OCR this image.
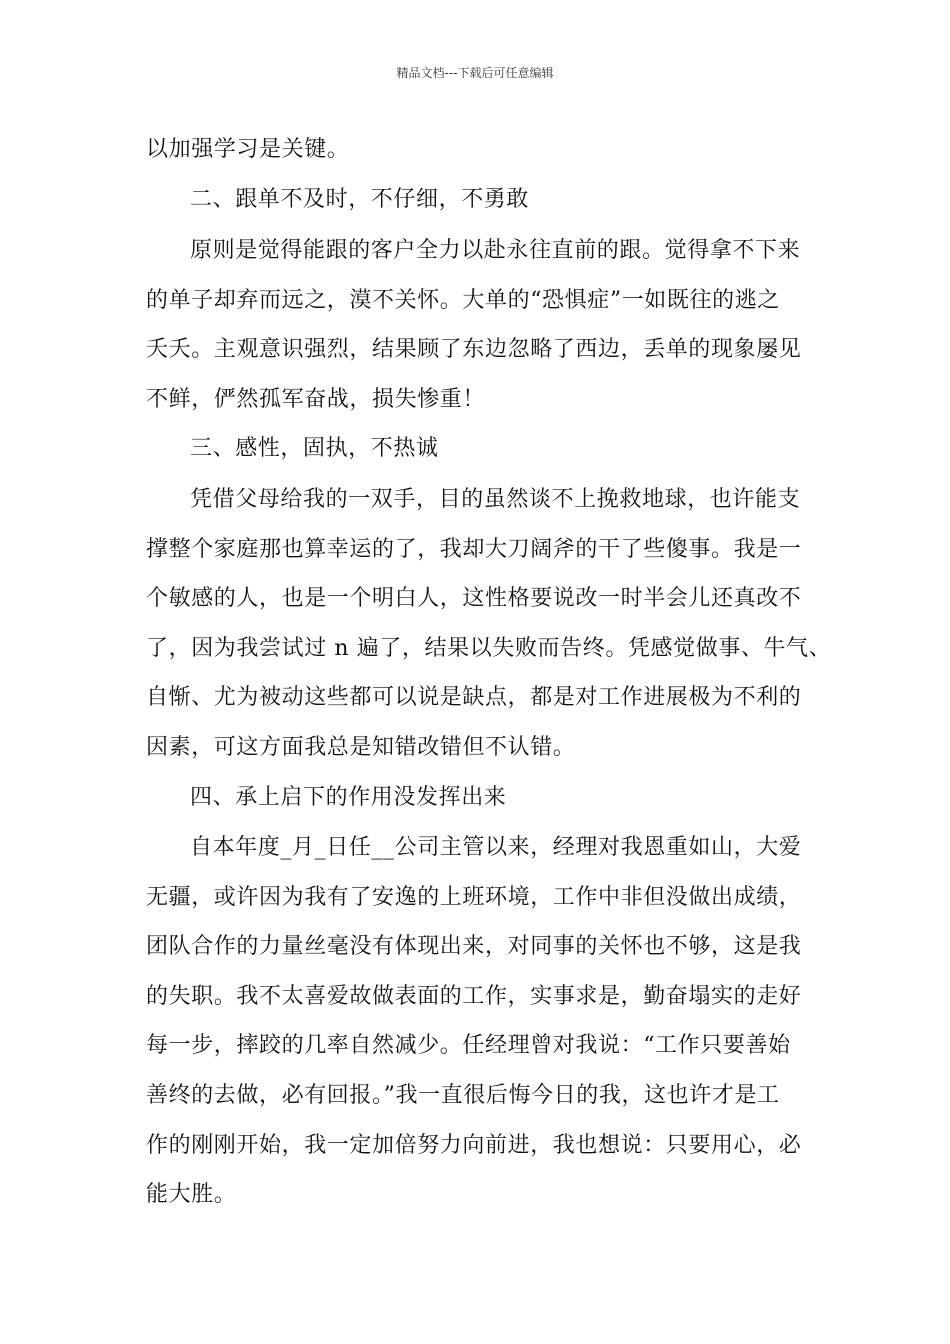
精品文档---下载后可任意编辑
以加强学习是关键。
二、跟单不及时，不仔细，不勇敢
原则是觉得能跟的客户全力以赴永往直前的跟。觉得拿不下来
的单子却弃而远之，漠不关怀。大单的“恐惧症”一如既往的逃之
夭夭。主观意识强烈，结果顾了东边忽略了西边，丢单的现象屡见
不鲜，俨然孤军奋战，损失惨重！
三、感性，固执，不热诚
凭借父母给我的一双手，目的虽然谈不上挽救地球，也许能支
撑整个家庭那也算幸运的了，我却大刀阔斧的干了些傻事。我是一
个敏感的人，也是一个明白人，这性格要说改一时半会儿还真改不
了，因为我尝试过 n 遍了，结果以失败而告终。凭感觉做事、牛气、
自惭、尤为被动这些都可以说是缺点，都是对工作进展极为不利的
因素，可这方面我总是知错改错但不认错。
四、承上启下的作用没发挥出来
自本年度_月_日任__公司主管以来，经理对我恩重如山，大爱
无疆，或许因为我有了安逸的上班环境，工作中非但没做出成绩，
团队合作的力量丝毫没有体现出来，对同事的关怀也不够，这是我
的失职。我不太喜爱故做表面的工作，实事求是，勤奋塌实的走好
每一步，摔跤的几率自然减少。任经理曾对我说：“工作只要善始
善终的去做，必有回报。”我一直很后悔今日的我，这也许才是工
作的刚刚开始，我一定加倍努力向前进，我也想说：只要用心，必
能大胜。
